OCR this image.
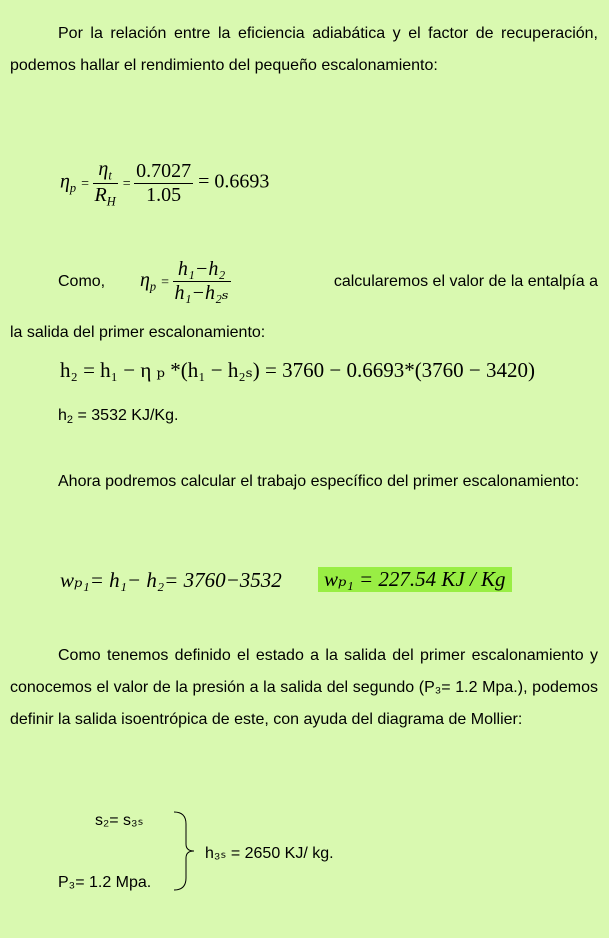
Por la relación entre la eficiencia adiabática y el factor de recuperación, podemos hallar el rendimiento del pequeño escalonamiento:
$\eta_p = \frac{\eta_t}{R_H} = \frac{0.7027}{1.05} = 0.6693$
Como, $\eta_p = \frac{\text{h₁−h₂}}{\text{h₁−h₂ₛ}}$	calcularemos el valor de la entalpía a
la salida del primer escalonamiento:
h₂ = h₁ − η ₚ *(h₁ − h₂ₛ) = 3760 − 0.6693*(3760 − 3420)
h2 = 3532 KJ/Kg.
Ahora podremos calcular el trabajo específico del primer escalonamiento:
wₚ₁= h₁− h₂= 3760−3532 wₚ₁ = 227.54 KJ / Kg
Como tenemos definido el estado a la salida del primer escalonamiento y conocemos el valor de la presión a la salida del segundo (P₃= 1.2 Mpa.), podemos definir la salida isoentrópica de este, con ayuda del diagrama de Mollier:
s₂= s₃ₛ
P₃= 1.2 Mpa.
h₃ₛ = 2650 KJ/ kg.
